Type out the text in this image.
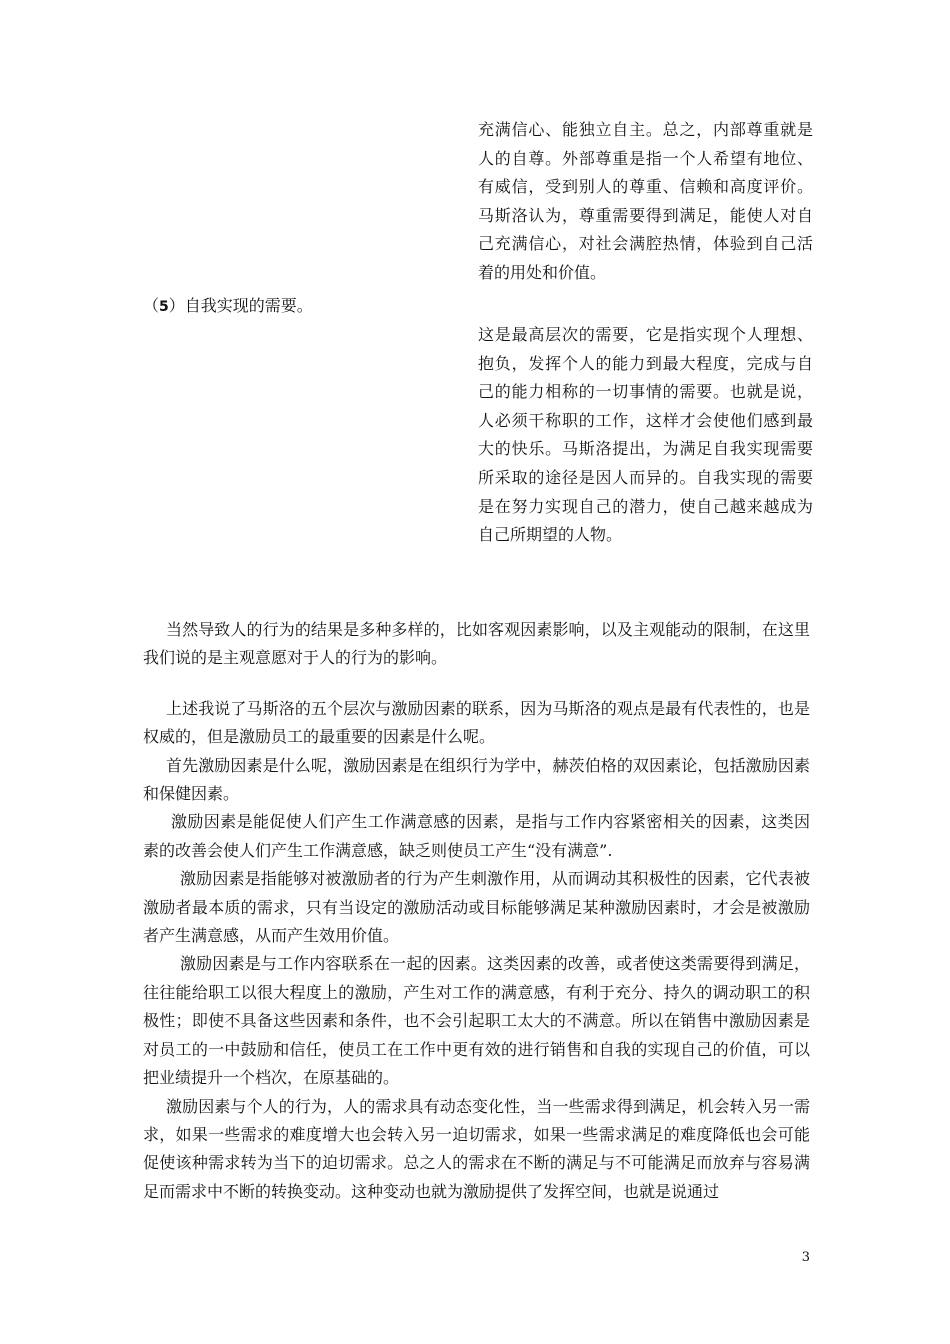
充满信心、能独立自主。总之，内部尊重就是人的自尊。外部尊重是指一个人希望有地位、有威信，受到别人的尊重、信赖和高度评价。马斯洛认为，尊重需要得到满足，能使人对自己充满信心，对社会满腔热情，体验到自己活着的用处和价值。
（5）自我实现的需要。
这是最高层次的需要，它是指实现个人理想、抱负，发挥个人的能力到最大程度，完成与自己的能力相称的一切事情的需要。也就是说，人必须干称职的工作，这样才会使他们感到最大的快乐。马斯洛提出，为满足自我实现需要所采取的途径是因人而异的。自我实现的需要是在努力实现自己的潜力，使自己越来越成为自己所期望的人物。

当然导致人的行为的结果是多种多样的，比如客观因素影响，以及主观能动的限制，在这里我们说的是主观意愿对于人的行为的影响。

上述我说了马斯洛的五个层次与激励因素的联系，因为马斯洛的观点是最有代表性的，也是权威的，但是激励员工的最重要的因素是什么呢。

首先激励因素是什么呢，激励因素是在组织行为学中，赫茨伯格的双因素论，包括激励因素和保健因素。

激励因素是能促使人们产生工作满意感的因素，是指与工作内容紧密相关的因素，这类因素的改善会使人们产生工作满意感，缺乏则使员工产生“没有满意”.

激励因素是指能够对被激励者的行为产生刺激作用，从而调动其积极性的因素，它代表被激励者最本质的需求，只有当设定的激励活动或目标能够满足某种激励因素时，才会是被激励者产生满意感，从而产生效用价值。

激励因素是与工作内容联系在一起的因素。这类因素的改善，或者使这类需要得到满足，往往能给职工以很大程度上的激励，产生对工作的满意感，有利于充分、持久的调动职工的积极性；即使不具备这些因素和条件，也不会引起职工太大的不满意。所以在销售中激励因素是对员工的一中鼓励和信任，使员工在工作中更有效的进行销售和自我的实现自己的价值，可以把业绩提升一个档次，在原基础的。

激励因素与个人的行为，人的需求具有动态变化性，当一些需求得到满足，机会转入另一需求，如果一些需求的难度增大也会转入另一迫切需求，如果一些需求满足的难度降低也会可能促使该种需求转为当下的迫切需求。总之人的需求在不断的满足与不可能满足而放弃与容易满足而需求中不断的转换变动。这种变动也就为激励提供了发挥空间，也就是说通过

3
